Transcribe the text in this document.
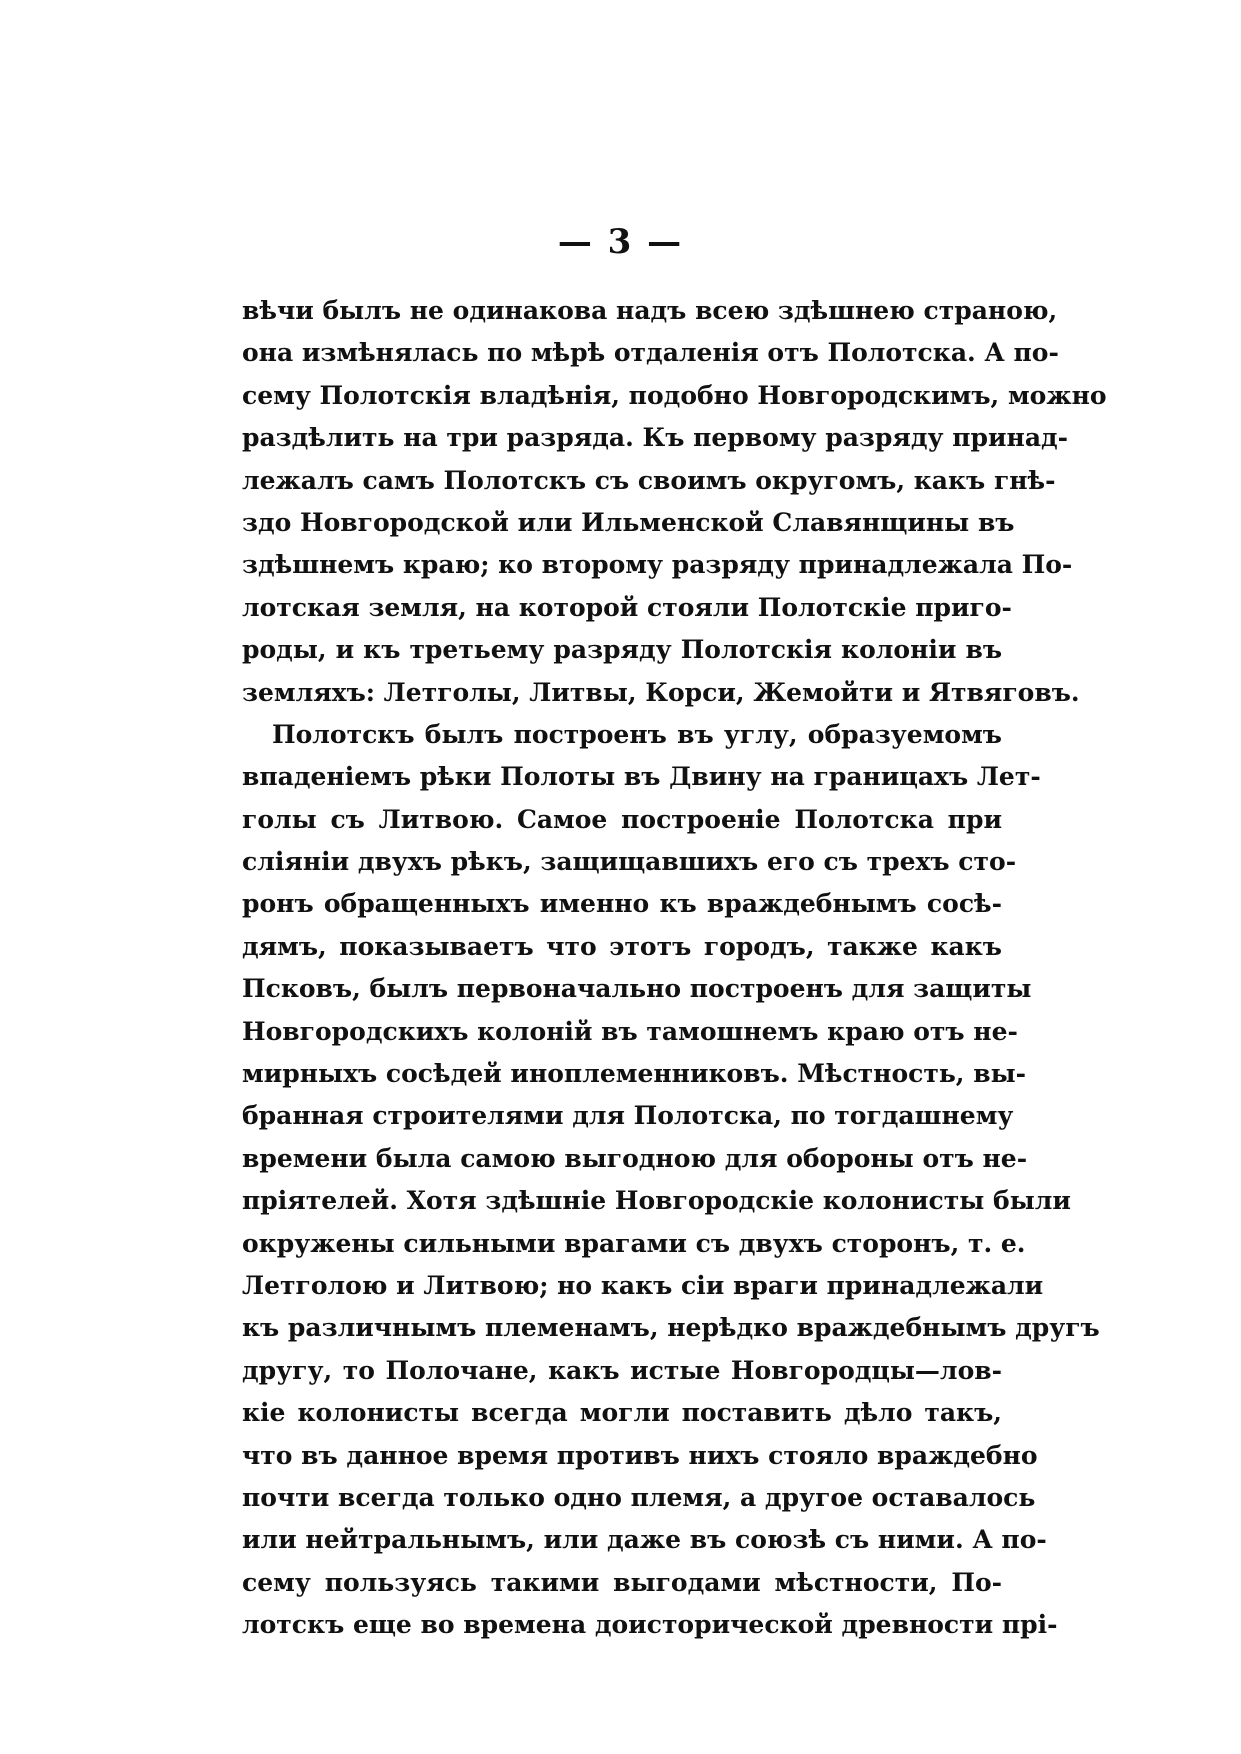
— 3 —
вѣчи былъ не одинакова надъ всею здѣшнею страною,
она измѣнялась по мѣрѣ отдаленія отъ Полотска. А по-
сему Полотскія владѣнія, подобно Новгородскимъ, можно
раздѣлить на три разряда. Къ первому разряду принад-
лежалъ самъ Полотскъ съ своимъ округомъ, какъ гнѣ-
здо Новгородской или Ильменской Славянщины въ
здѣшнемъ краю; ко второму разряду принадлежала По-
лотская земля, на которой стояли Полотскіе приго-
роды, и къ третьему разряду Полотскія колоніи въ
земляхъ: Летголы, Литвы, Корси, Жемойти и Ятвяговъ.
Полотскъ былъ построенъ въ углу, образуемомъ
впаденіемъ рѣки Полоты въ Двину на границахъ Лет-
голы съ Литвою. Самое построеніе Полотска при
сліяніи двухъ рѣкъ, защищавшихъ его съ трехъ сто-
ронъ обращенныхъ именно къ враждебнымъ сосѣ-
дямъ, показываетъ что этотъ городъ, также какъ
Псковъ, былъ первоначально построенъ для защиты
Новгородскихъ колоній въ тамошнемъ краю отъ не-
мирныхъ сосѣдей иноплеменниковъ. Мѣстность, вы-
бранная строителями для Полотска, по тогдашнему
времени была самою выгодною для обороны отъ не-
пріятелей. Хотя здѣшніе Новгородскіе колонисты были
окружены сильными врагами съ двухъ сторонъ, т. е.
Летголою и Литвою; но какъ сіи враги принадлежали
къ различнымъ племенамъ, нерѣдко враждебнымъ другъ
другу, то Полочане, какъ истые Новгородцы—лов-
кіе колонисты всегда могли поставить дѣло такъ,
что въ данное время противъ нихъ стояло враждебно
почти всегда только одно племя, а другое оставалось
или нейтральнымъ, или даже въ союзѣ съ ними. А по-
сему пользуясь такими выгодами мѣстности, По-
лотскъ еще во времена доисторической древности прі-
